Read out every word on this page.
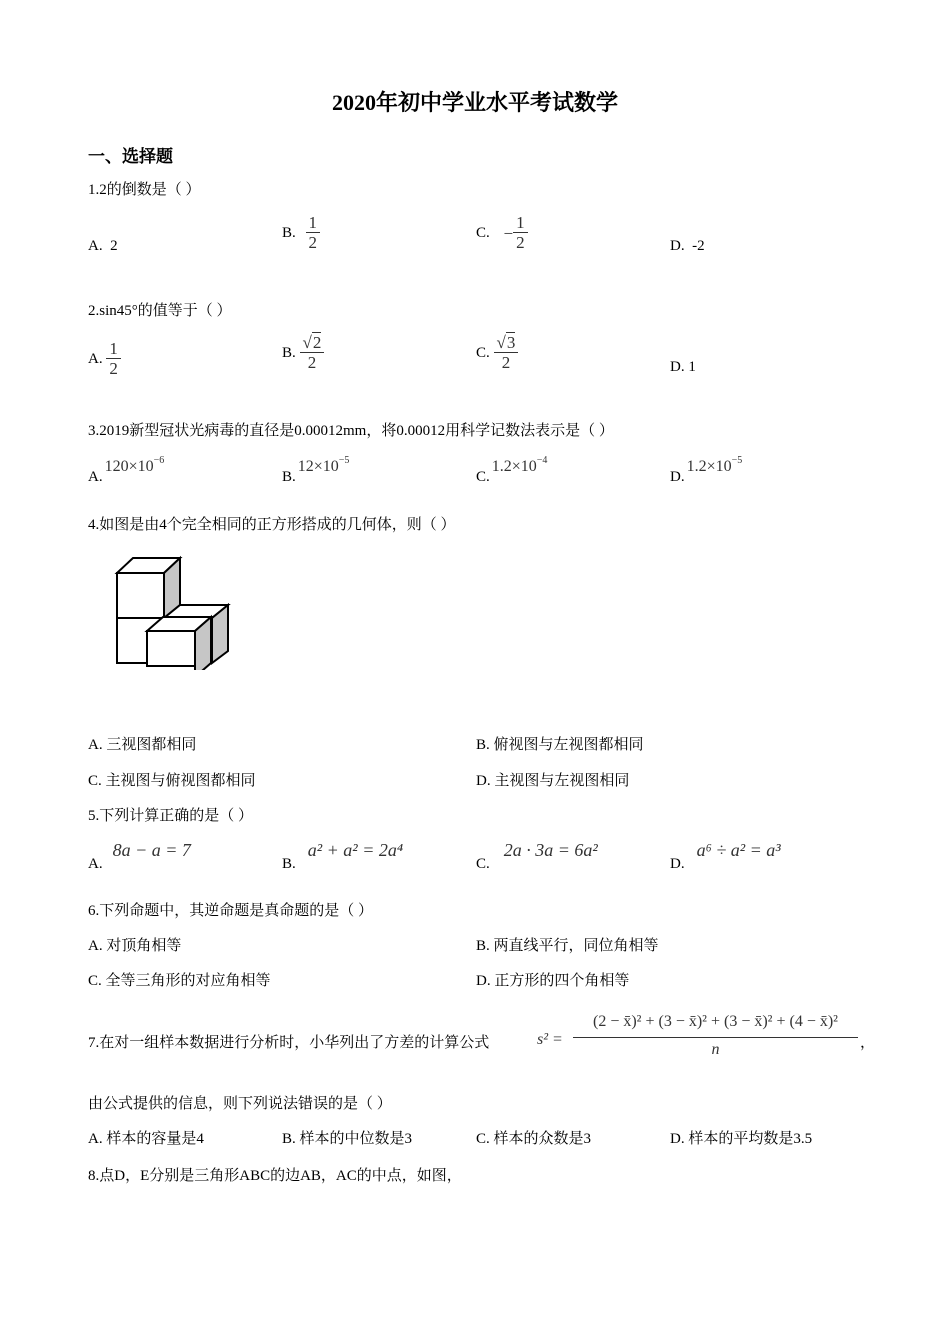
2020年初中学业水平考试数学
一、选择题
1.2的倒数是（ ）
A. 2
B. $\frac{1}{2}$	C. − $\frac{1}{2}$	D. -2
2.sin45°的值等于（ ）
A. $\frac{1}{2}$	B. $\frac{√2}{2}$	C. $\frac{√3}{2}$	D. 1
3.2019新型冠状光病毒的直径是0.00012mm，将0.00012用科学记数法表示是（ ）
$A.120\times 10^{-6}$
$B.12\times 10^{-5}$
$C.1.2\times 10^{-4}$
$D.1.2\times 10^{-5}$
4.如图是由4个完全相同的正方形搭成的几何体，则（ ）
A. 三视图都相同	B. 俯视图与左视图都相同
C. 主视图与俯视图都相同	D. 主视图与左视图相同
5.下列计算正确的是（ ）
A.8a − a = 7
B.a² + a² = 2a⁴
C.2a · 3a = 6a²
D.a⁶ ÷ a² = a³
6.下列命题中，其逆命题是真命题的是（ ）
A. 对顶角相等	B. 两直线平行，同位角相等
C. 全等三角形的对应角相等	D. 正方形的四个角相等
7.在对一组样本数据进行分析时，小华列出了方差的计算公式	s² =
(2 − x̄)² + (3 − x̄)² + (3 − x̄)² + (4 − x̄)²
n	，
由公式提供的信息，则下列说法错误的是（ ）
A. 样本的容量是4	B. 样本的中位数是3	C. 样本的众数是3	D. 样本的平均数是3.5
8.点D，E分别是三角形ABC的边AB，AC的中点，如图，
